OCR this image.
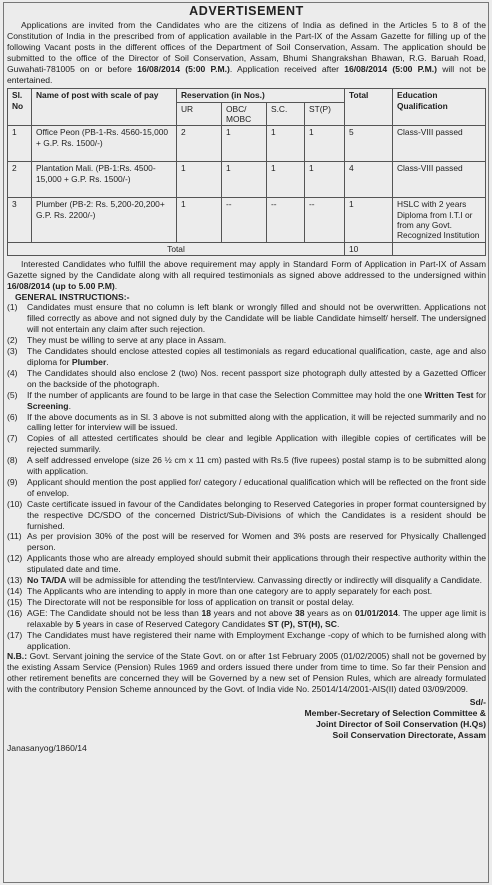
ADVERTISEMENT
Applications are invited from the Candidates who are the citizens of India as defined in the Articles 5 to 8 of the Constitution of India in the prescribed from of application available in the Part-IX of the Assam Gazette for filling up of the following Vacant posts in the different offices of the Department of Soil Conservation, Assam. The application should be submitted to the office of the Director of Soil Conservation, Assam, Bhumi Shangrakshan Bhawan, R.G. Baruah Road, Guwahati-781005 on or before 16/08/2014 (5:00 P.M.). Application received after 16/08/2014 (5:00 P.M.) will not be entertained.
Sl. No	Name of post with scale of pay	Reservation (in Nos.)				Total	Education Qualification
		UR	OBC/ MOBC	S.C.	ST(P)		
1	Office Peon (PB-1-Rs. 4560-15,000 + G.P. Rs. 1500/-)	2	1	1	1	5	Class-VIII passed
2	Plantation Mali. (PB-1:Rs. 4500-15,000 + G.P. Rs. 1500/-)	1	1	1	1	4	Class-VIII passed
3	Plumber (PB-2: Rs. 5,200-20,200+ G.P. Rs. 2200/-)	1	--	--	--	1	HSLC with 2 years Diploma from I.T.I or from any Govt. Recognized Institution
Total						10	
Interested Candidates who fulfill the above requirement may apply in Standard Form of Application in Part-IX of Assam Gazette signed by the Candidate along with all required testimonials as signed above addressed to the undersigned within 16/08/2014 (up to 5.00 P.M).
GENERAL INSTRUCTIONS:-
(1)	Candidates must ensure that no column is left blank or wrongly filled and should not be overwritten. Applications not filled correctly as above and not signed duly by the Candidate will be liable Candidate himself/ herself. The undersigned will not entertain any claim after such rejection.
(2)	They must be willing to serve at any place in Assam.
(3)	The Candidates should enclose attested copies all testimonials as regard educational qualification, caste, age and also diploma for Plumber.
(4)	The Candidates should also enclose 2 (two) Nos. recent passport size photograph dully attested by a Gazetted Officer on the backside of the photograph.
(5)	If the number of applicants are found to be large in that case the Selection Committee may hold the one Written Test for Screening.
(6)	If the above documents as in Sl. 3 above is not submitted along with the application, it will be rejected summarily and no calling letter for interview will be issued.
(7)	Copies of all attested certificates should be clear and legible Application with illegible copies of certificates will be rejected summarily.
(8)	A self addressed envelope (size 26 ½ cm x 11 cm) pasted with Rs.5 (five rupees) postal stamp is to be submitted along with application.
(9)	Applicant should mention the post applied for/ category / educational qualification which will be reflected on the front side of envelop.
(10) Caste certificate issued in favour of the Candidates belonging to Reserved Categories in proper format countersigned by the respective DC/SDO of the concerned District/Sub-Divisions of which the Candidates is a resident should be furnished.
(11) As per provision 30% of the post will be reserved for Women and 3% posts are reserved for Physically Challenged person.
(12) Applicants those who are already employed should submit their applications through their respective authority within the stipulated date and time.
(13) No TA/DA will be admissible for attending the test/Interview. Canvassing directly or indirectly will disqualify a Candidate.
(14) The Applicants who are intending to apply in more than one category are to apply separately for each post.
(15) The Directorate will not be responsible for loss of application on transit or postal delay.
(16) AGE: The Candidate should not be less than 18 years and not above 38 years as on 01/01/2014. The upper age limit is relaxable by 5 years in case of Reserved Category Candidates ST (P), ST(H), SC.
(17) The Candidates must have registered their name with Employment Exchange -copy of which to be furnished along with application.
N.B.: Govt. Servant joining the service of the State Govt. on or after 1st February 2005 (01/02/2005) shall not be governed by the existing Assam Service (Pension) Rules 1969 and orders issued there under from time to time. So far their Pension and other retirement benefits are concerned they will be Governed by a new set of Pension Rules, which are already formulated with the contributory Pension Scheme announced by the Govt. of India vide No. 25014/14/2001-AIS(II) dated 03/09/2009.
Sd/-
Member-Secretary of Selection Committee &
Joint Director of Soil Conservation (H.Qs)
Soil Conservation Directorate, Assam
Janasanyog/1860/14
